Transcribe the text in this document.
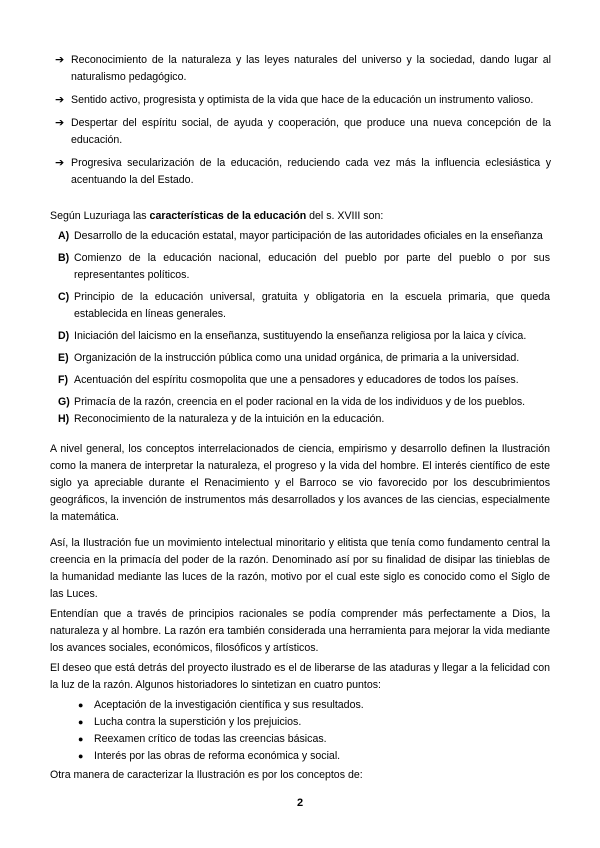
➔ Reconocimiento de la naturaleza y las leyes naturales del universo y la sociedad, dando lugar al naturalismo pedagógico.
➔ Sentido activo, progresista y optimista de la vida que hace de la educación un instrumento valioso.
➔ Despertar del espíritu social, de ayuda y cooperación, que produce una nueva concepción de la educación.
➔ Progresiva secularización de la educación, reduciendo cada vez más la influencia eclesiástica y acentuando la del Estado.
Según Luzuriaga las características de la educación del s. XVIII son:
A) Desarrollo de la educación estatal, mayor participación de las autoridades oficiales en la enseñanza
B) Comienzo de la educación nacional, educación del pueblo por parte del pueblo o por sus representantes políticos.
C) Principio de la educación universal, gratuita y obligatoria en la escuela primaria, que queda establecida en líneas generales.
D) Iniciación del laicismo en la enseñanza, sustituyendo la enseñanza religiosa por la laica y cívica.
E) Organización de la instrucción pública como una unidad orgánica, de primaria a la universidad.
F) Acentuación del espíritu cosmopolita que une a pensadores y educadores de todos los países.
G) Primacía de la razón, creencia en el poder racional en la vida de los individuos y de los pueblos.
H) Reconocimiento de la naturaleza y de la intuición en la educación.

A nivel general, los conceptos interrelacionados de ciencia, empirismo y desarrollo definen la Ilustración como la manera de interpretar la naturaleza, el progreso y la vida del hombre. El interés científico de este siglo ya apreciable durante el Renacimiento y el Barroco se vio favorecido por los descubrimientos geográficos, la invención de instrumentos más desarrollados y los avances de las ciencias, especialmente la matemática.

Así, la Ilustración fue un movimiento intelectual minoritario y elitista que tenía como fundamento central la creencia en la primacía del poder de la razón. Denominado así por su finalidad de disipar las tinieblas de la humanidad mediante las luces de la razón, motivo por el cual este siglo es conocido como el Siglo de las Luces.

Entendían que a través de principios racionales se podía comprender más perfectamente a Dios, la naturaleza y al hombre. La razón era también considerada una herramienta para mejorar la vida mediante los avances sociales, económicos, filosóficos y artísticos.

El deseo que está detrás del proyecto ilustrado es el de liberarse de las ataduras y llegar a la felicidad con la luz de la razón. Algunos historiadores lo sintetizan en cuatro puntos:

● Aceptación de la investigación científica y sus resultados.
● Lucha contra la superstición y los prejuicios.
● Reexamen crítico de todas las creencias básicas.
● Interés por las obras de reforma económica y social.

Otra manera de caracterizar la Ilustración es por los conceptos de:

2
